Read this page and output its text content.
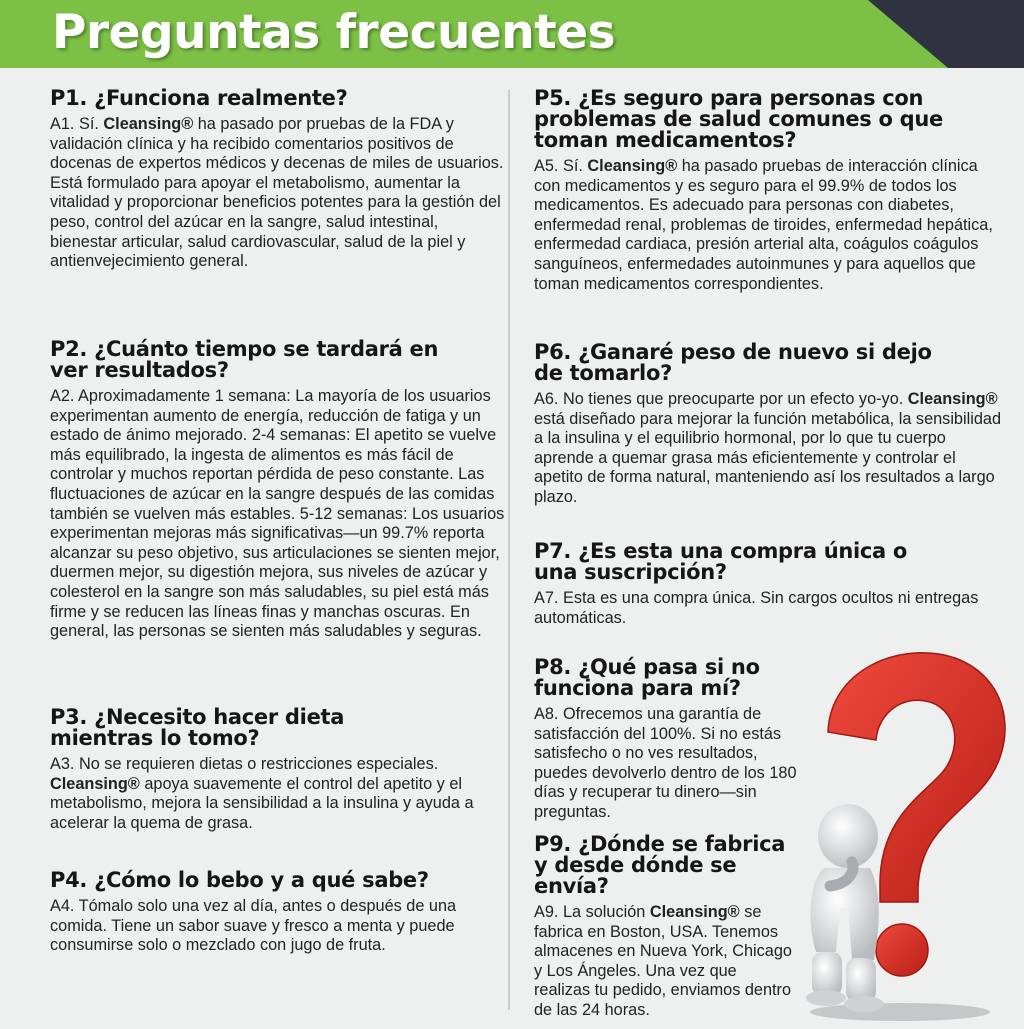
Preguntas frecuentes
P1. ¿Funciona realmente?

A1. Sí. Cleansing® ha pasado por pruebas de la FDA y validación clínica y ha recibido comentarios positivos de docenas de expertos médicos y decenas de miles de usuarios. Está formulado para apoyar el metabolismo, aumentar la vitalidad y proporcionar beneficios potentes para la gestión del peso, control del azúcar en la sangre, salud intestinal, bienestar articular, salud cardiovascular, salud de la piel y antienvejecimiento general.

P2. ¿Cuánto tiempo se tardará en ver resultados?

A2. Aproximadamente 1 semana: La mayoría de los usuarios experimentan aumento de energía, reducción de fatiga y un estado de ánimo mejorado. 2-4 semanas: El apetito se vuelve más equilibrado, la ingesta de alimentos es más fácil de controlar y muchos reportan pérdida de peso constante. Las fluctuaciones de azúcar en la sangre después de las comidas también se vuelven más estables. 5-12 semanas: Los usuarios experimentan mejoras más significativas—un 99.7% reporta alcanzar su peso objetivo, sus articulaciones se sienten mejor, duermen mejor, su digestión mejora, sus niveles de azúcar y colesterol en la sangre son más saludables, su piel está más firme y se reducen las líneas finas y manchas oscuras. En general, las personas se sienten más saludables y seguras.

P3. ¿Necesito hacer dieta mientras lo tomo?

A3. No se requieren dietas o restricciones especiales. Cleansing® apoya suavemente el control del apetito y el metabolismo, mejora la sensibilidad a la insulina y ayuda a acelerar la quema de grasa.

P4. ¿Cómo lo bebo y a qué sabe?

A4. Tómalo solo una vez al día, antes o después de una comida. Tiene un sabor suave y fresco a menta y puede consumirse solo o mezclado con jugo de fruta.

P5. ¿Es seguro para personas con problemas de salud comunes o que toman medicamentos?

A5. Sí. Cleansing® ha pasado pruebas de interacción clínica con medicamentos y es seguro para el 99.9% de todos los medicamentos. Es adecuado para personas con diabetes, enfermedad renal, problemas de tiroides, enfermedad hepática, enfermedad cardiaca, presión arterial alta, coágulos coágulos sanguíneos, enfermedades autoinmunes y para aquellos que toman medicamentos correspondientes.

P6. ¿Ganaré peso de nuevo si dejo de tomarlo?

A6. No tienes que preocuparte por un efecto yo-yo. Cleansing® está diseñado para mejorar la función metabólica, la sensibilidad a la insulina y el equilibrio hormonal, por lo que tu cuerpo aprende a quemar grasa más eficientemente y controlar el apetito de forma natural, manteniendo así los resultados a largo plazo.

P7. ¿Es esta una compra única o una suscripción?

A7. Esta es una compra única. Sin cargos ocultos ni entregas automáticas.

P8. ¿Qué pasa si no funciona para mí?

A8. Ofrecemos una garantía de satisfacción del 100%. Si no estás satisfecho o no ves resultados, puedes devolverlo dentro de los 180 días y recuperar tu dinero—sin preguntas.

P9. ¿Dónde se fabrica y desde dónde se envía?

A9. La solución Cleansing® se fabrica en Boston, USA. Tenemos almacenes en Nueva York, Chicago y Los Ángeles. Una vez que realizas tu pedido, enviamos dentro de las 24 horas.
